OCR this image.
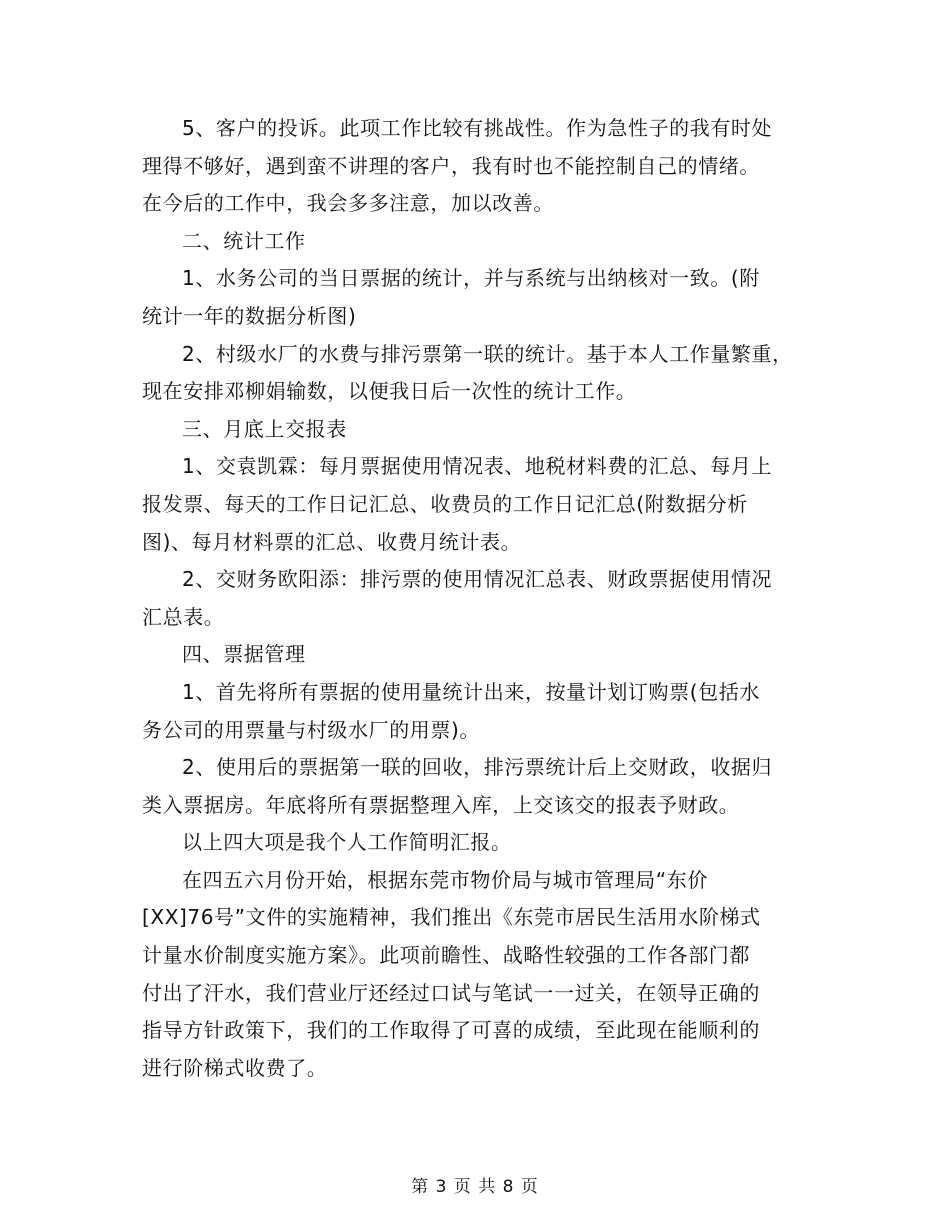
5、客户的投诉。此项工作比较有挑战性。作为急性子的我有时处
理得不够好，遇到蛮不讲理的客户，我有时也不能控制自己的情绪。
在今后的工作中，我会多多注意，加以改善。

二、统计工作

1、水务公司的当日票据的统计，并与系统与出纳核对一致。(附
统计一年的数据分析图)

2、村级水厂的水费与排污票第一联的统计。基于本人工作量繁重，
现在安排邓柳娟输数，以便我日后一次性的统计工作。

三、月底上交报表

1、交袁凯霖：每月票据使用情况表、地税材料费的汇总、每月上
报发票、每天的工作日记汇总、收费员的工作日记汇总(附数据分析
图)、每月材料票的汇总、收费月统计表。

2、交财务欧阳添：排污票的使用情况汇总表、财政票据使用情况
汇总表。

四、票据管理

1、首先将所有票据的使用量统计出来，按量计划订购票(包括水
务公司的用票量与村级水厂的用票)。

2、使用后的票据第一联的回收，排污票统计后上交财政，收据归
类入票据房。年底将所有票据整理入库，上交该交的报表予财政。

以上四大项是我个人工作简明汇报。

在四五六月份开始，根据东莞市物价局与城市管理局“东价
[XX]76号”文件的实施精神，我们推出《东莞市居民生活用水阶梯式
计量水价制度实施方案》。此项前瞻性、战略性较强的工作各部门都
付出了汗水，我们营业厅还经过口试与笔试一一过关，在领导正确的
指导方针政策下，我们的工作取得了可喜的成绩，至此现在能顺利的
进行阶梯式收费了。

第 3 页 共 8 页
